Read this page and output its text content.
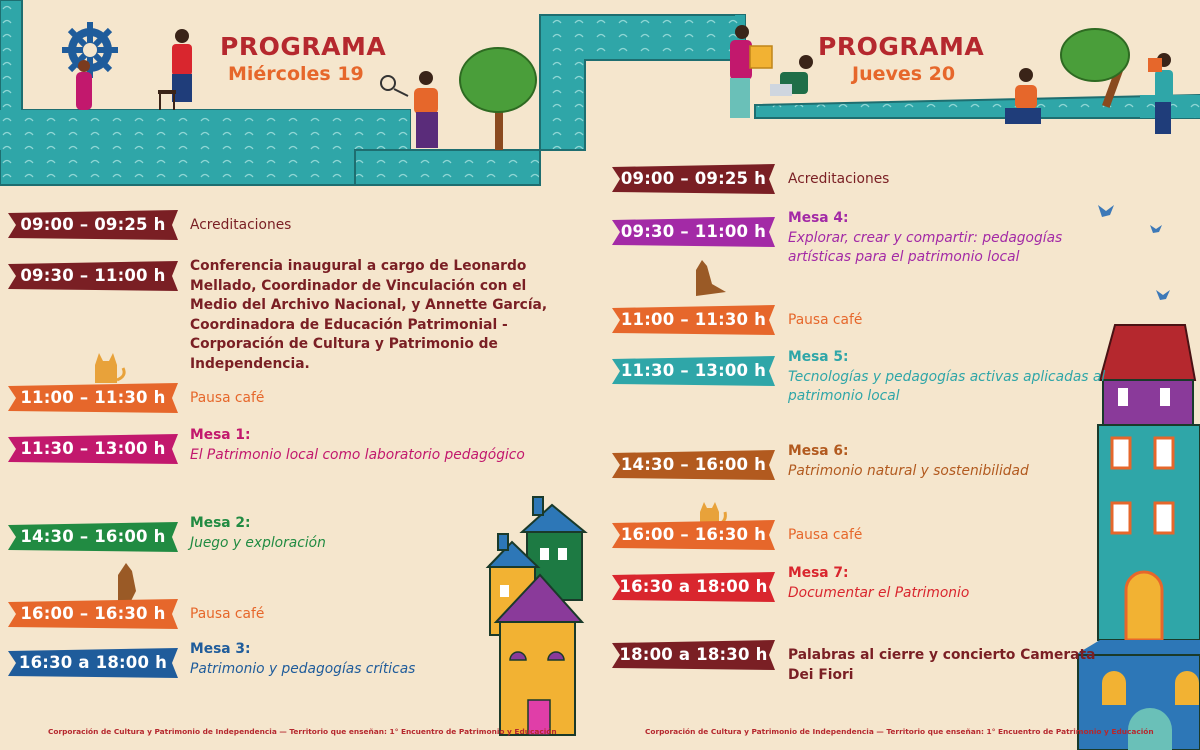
PROGRAMA
Miércoles 19
PROGRAMA
Jueves 20
09:00 – 09:25 h	Acreditaciones
09:30 – 11:00 h	Conferencia inaugural a cargo de Leonardo Mellado, Coordinador de Vinculación con el Medio del Archivo Nacional, y Annette García, Coordinadora de Educación Patrimonial - Corporación de Cultura y Patrimonio de Independencia.
11:00 – 11:30 h	Pausa café
11:30 – 13:00 h
Mesa 1:
El Patrimonio local como laboratorio pedagógico
14:30 – 16:00 h
Mesa 2:
Juego y exploración
16:00 – 16:30 h	Pausa café
16:30 a 18:00 h
Mesa 3:
Patrimonio y pedagogías críticas
09:00 – 09:25 h	Acreditaciones
09:30 – 11:00 h
Mesa 4:
Explorar, crear y compartir: pedagogías artísticas para el patrimonio local
11:00 – 11:30 h	Pausa café
11:30 – 13:00 h
Mesa 5:
Tecnologías y pedagogías activas aplicadas al patrimonio local
14:30 – 16:00 h
Mesa 6:
Patrimonio natural y sostenibilidad
16:00 – 16:30 h	Pausa café
16:30 a 18:00 h
Mesa 7:
Documentar el Patrimonio
18:00 a 18:30 h	Palabras al cierre y concierto Camerata Dei Fiori
Corporación de Cultura y Patrimonio de Independencia — Territorio que enseñan: 1° Encuentro de Patrimonio y Educación	Corporación de Cultura y Patrimonio de Independencia — Territorio que enseñan: 1° Encuentro de Patrimonio y Educación
